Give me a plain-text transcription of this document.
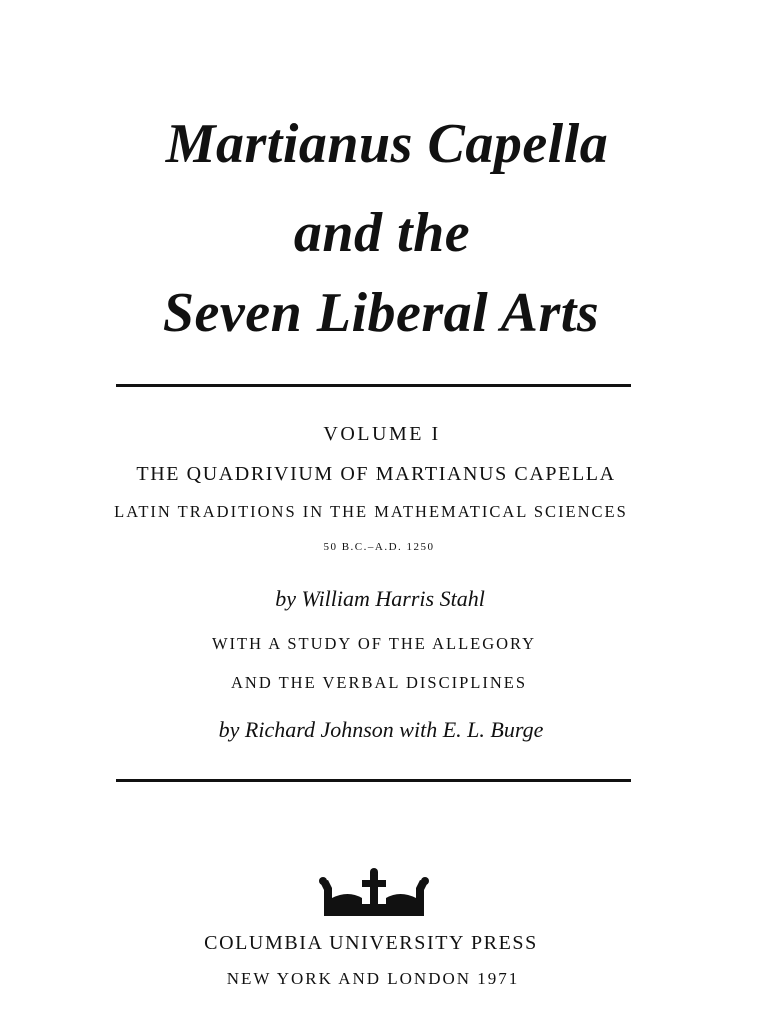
Martianus Capella
and the
Seven Liberal Arts

VOLUME I

THE QUADRIVIUM OF MARTIANUS CAPELLA

LATIN TRADITIONS IN THE MATHEMATICAL SCIENCES

50 B.C.–A.D. 1250

by William Harris Stahl

WITH A STUDY OF THE ALLEGORY

AND THE VERBAL DISCIPLINES

by Richard Johnson with E. L. Burge

COLUMBIA UNIVERSITY PRESS

NEW YORK AND LONDON 1971
